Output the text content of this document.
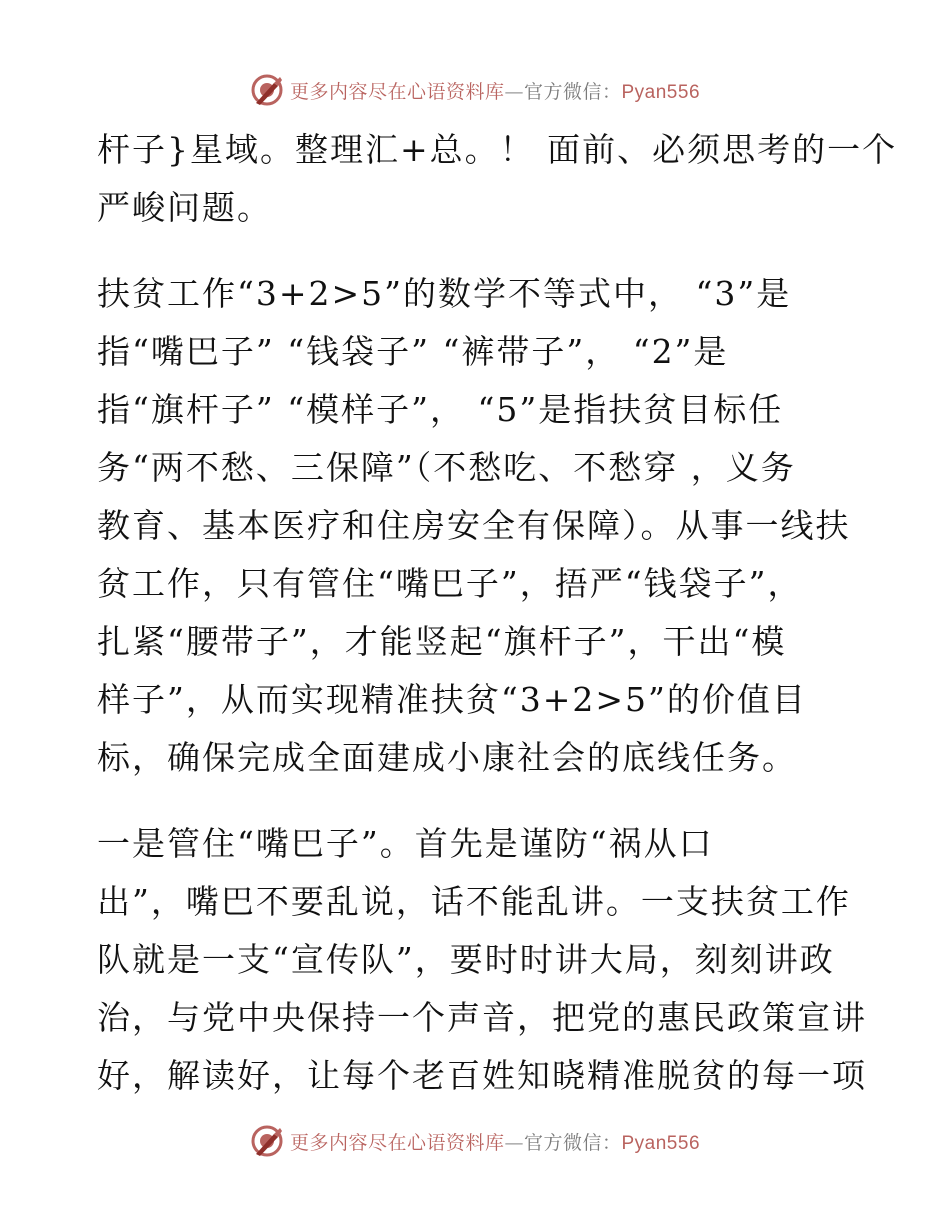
更多内容尽在心语资料库—官方微信：Pyan556
杆子}星域。整理汇+总。！ 面前、必须思考的一个
严峻问题。
扶贫工作“3+2>5”的数学不等式中， “3”是
指“嘴巴子” “钱袋子” “裤带子”， “2”是
指“旗杆子” “模样子”， “5”是指扶贫目标任
务“两不愁、三保障”（不愁吃、不愁穿 ，义务
教育、基本医疗和住房安全有保障）。从事一线扶
贫工作，只有管住“嘴巴子”，捂严“钱袋子”，
扎紧“腰带子”，才能竖起“旗杆子”，干出“模
样子”，从而实现精准扶贫“3+2>5”的价值目
标，确保完成全面建成小康社会的底线任务。
一是管住“嘴巴子”。首先是谨防“祸从口
出”，嘴巴不要乱说，话不能乱讲。一支扶贫工作
队就是一支“宣传队”，要时时讲大局，刻刻讲政
治，与党中央保持一个声音，把党的惠民政策宣讲
好，解读好，让每个老百姓知晓精准脱贫的每一项
更多内容尽在心语资料库—官方微信：Pyan556
